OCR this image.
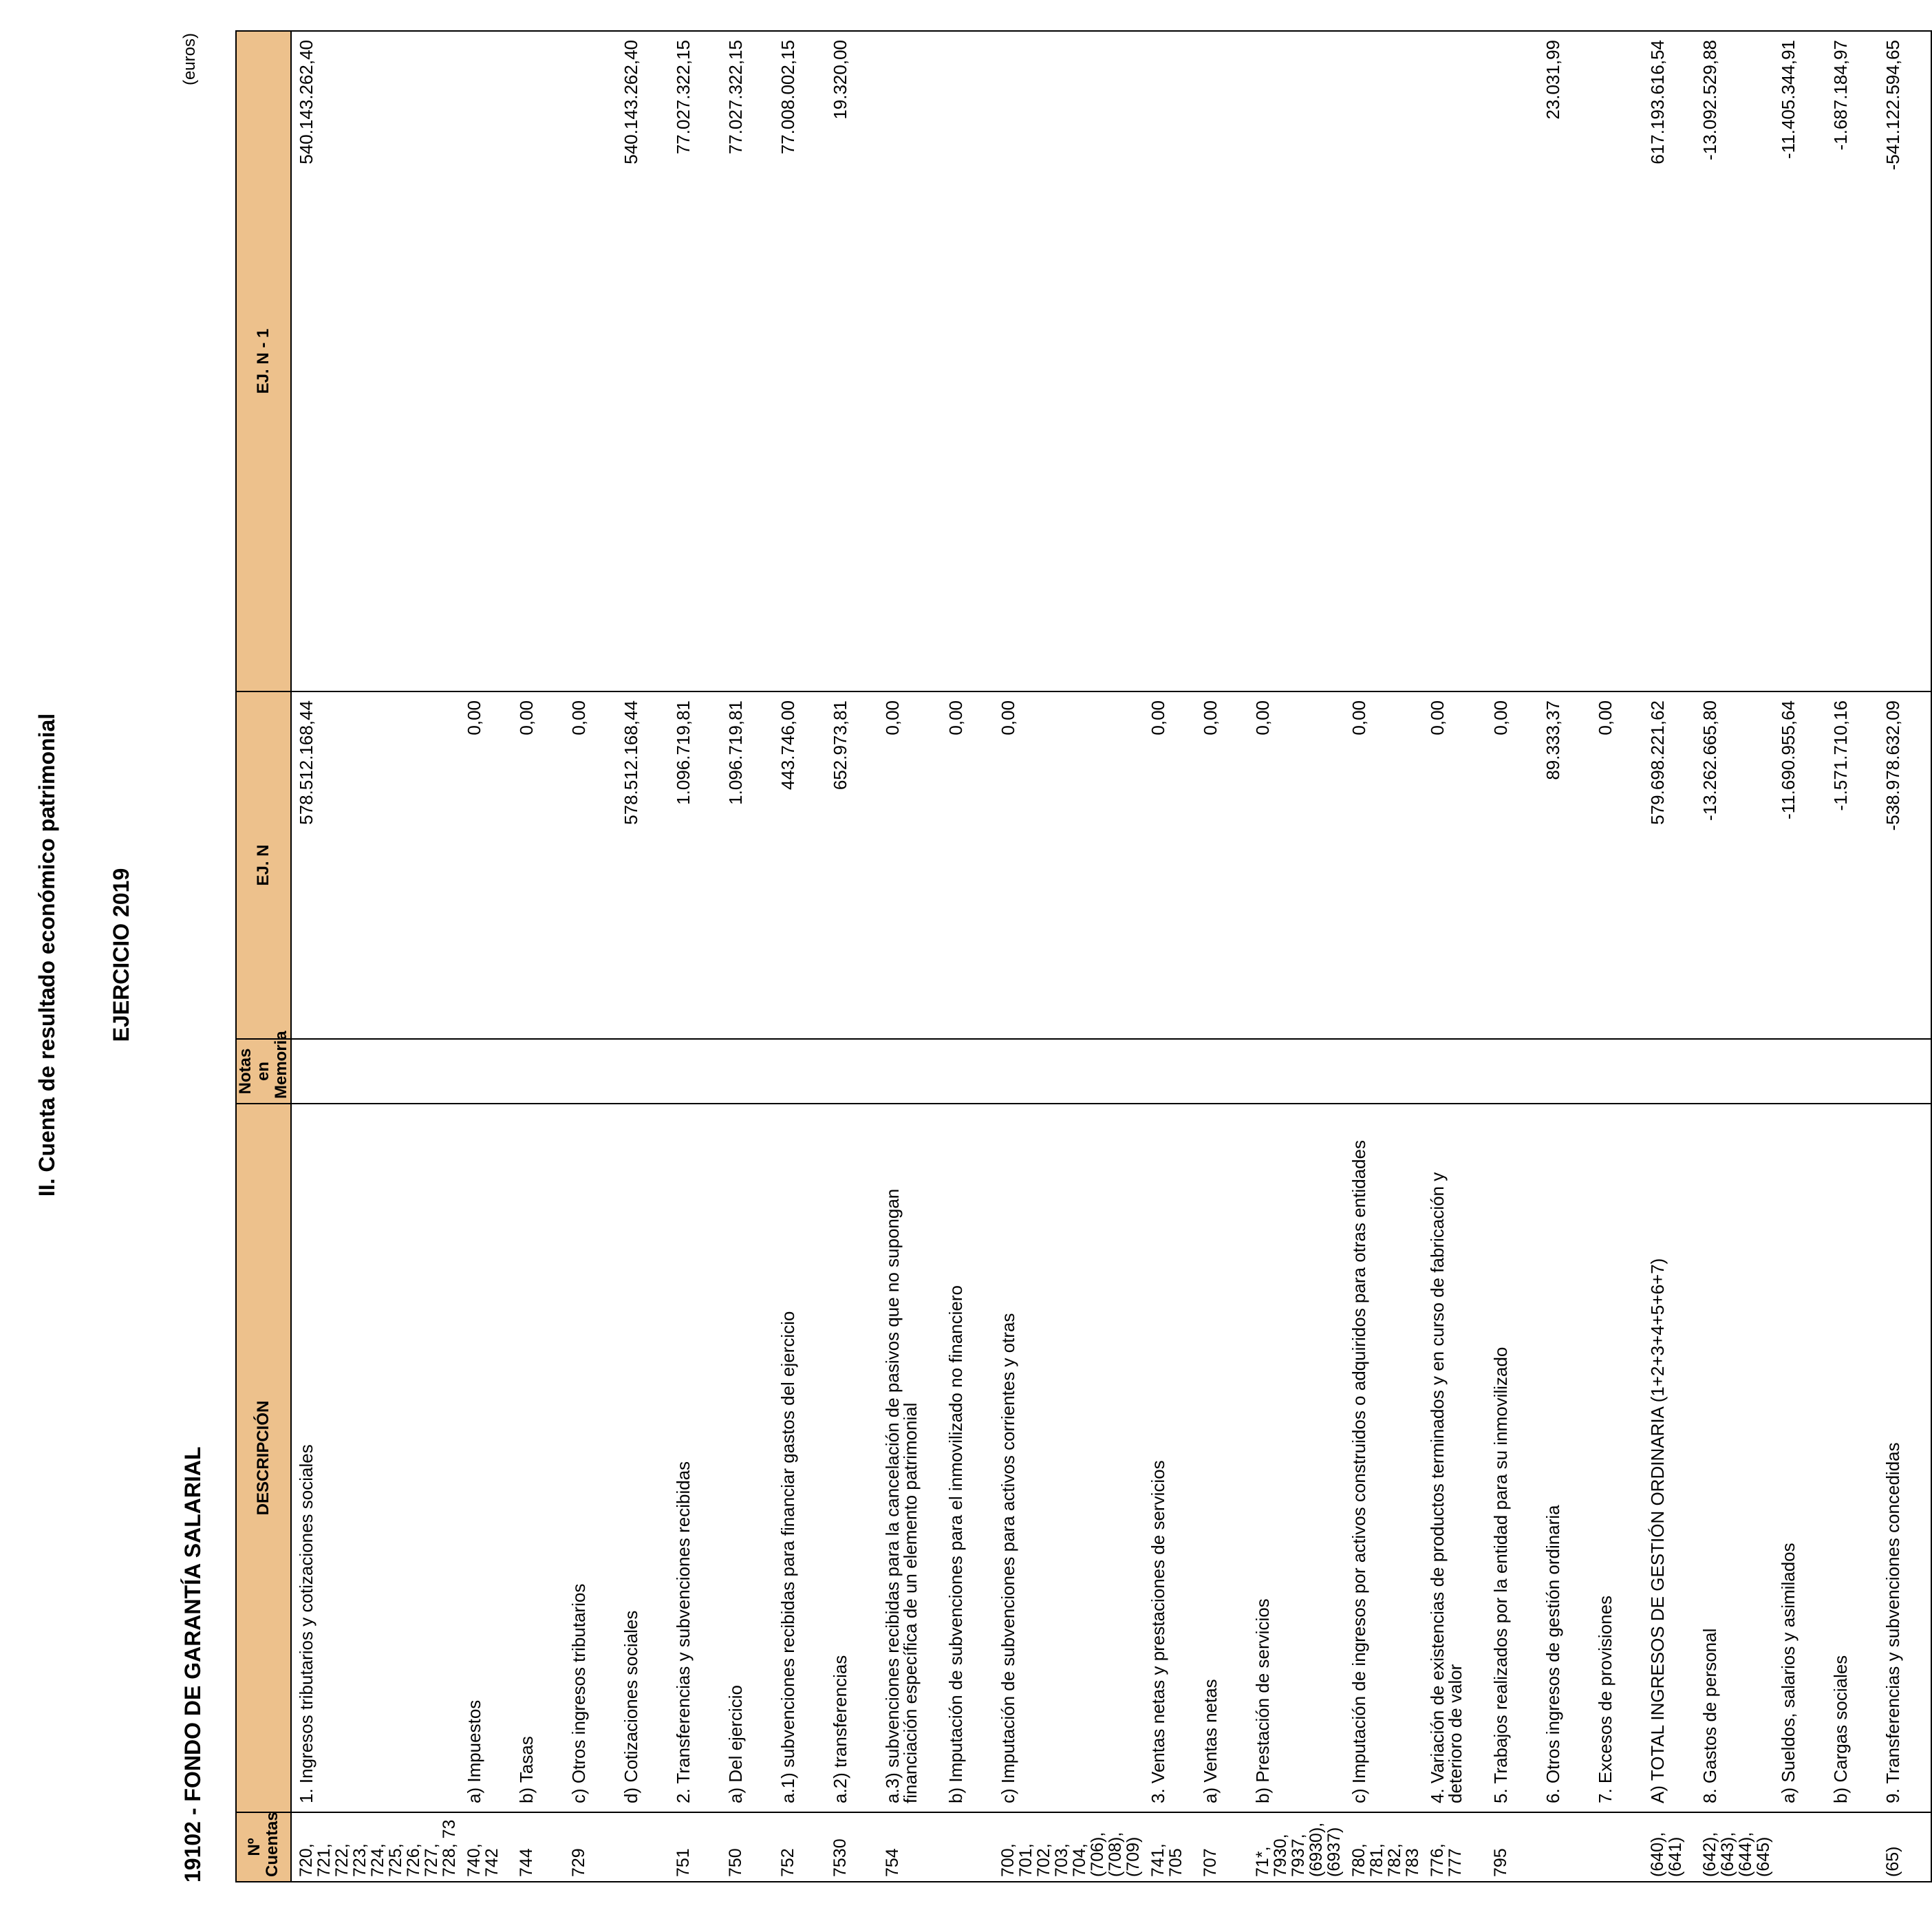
II. Cuenta de resultado económico patrimonial EJERCICIO 2019
19102 - FONDO DE GARANTÍA SALARIAL
(euros)
Nº Cuentas	DESCRIPCIÓN	Notas en Memoria	EJ. N	EJ. N - 1
720, 721, 722, 723, 724, 725, 726, 727, 728, 73	1. Ingresos tributarios y cotizaciones sociales		578.512.168,44	540.143.262,40
740, 742	a) Impuestos		0,00	
744	b) Tasas		0,00	
729	c) Otros ingresos tributarios		0,00	
	d) Cotizaciones sociales		578.512.168,44	540.143.262,40
751	2. Transferencias y subvenciones recibidas		1.096.719,81	77.027.322,15
750	a) Del ejercicio		1.096.719,81	77.027.322,15
752	a.1) subvenciones recibidas para financiar gastos del ejercicio		443.746,00	77.008.002,15
7530	a.2) transferencias		652.973,81	19.320,00
754	a.3) subvenciones recibidas para la cancelación de pasivos que no supongan financiación específica de un elemento patrimonial		0,00	
	b) Imputación de subvenciones para el inmovilizado no financiero		0,00	
700, 701, 702, 703, 704, (706), (708), (709)	c) Imputación de subvenciones para activos corrientes y otras		0,00	
741, 705	3. Ventas netas y prestaciones de servicios		0,00	
707	a) Ventas netas		0,00	
71*, 7930, 7937, (6930), (6937)	b) Prestación de servicios		0,00	
780, 781, 782, 783	c) Imputación de ingresos por activos construidos o adquiridos para otras entidades		0,00	
776, 777	4. Variación de existencias de productos terminados y en curso de fabricación y deterioro de valor		0,00	
795	5. Trabajos realizados por la entidad para su inmovilizado		0,00	
	6. Otros ingresos de gestión ordinaria		89.333,37	23.031,99
	7. Excesos de provisiones		0,00	
(640), (641)	A) TOTAL INGRESOS DE GESTIÓN ORDINARIA (1+2+3+4+5+6+7)		579.698.221,62	617.193.616,54
(642), (643), (644), (645)	8. Gastos de personal		-13.262.665,80	-13.092.529,88
	a) Sueldos, salarios y asimilados		-11.690.955,64	-11.405.344,91
	b) Cargas sociales		-1.571.710,16	-1.687.184,97
(65)	9. Transferencias y subvenciones concedidas		-538.978.632,09	-541.122.594,65
